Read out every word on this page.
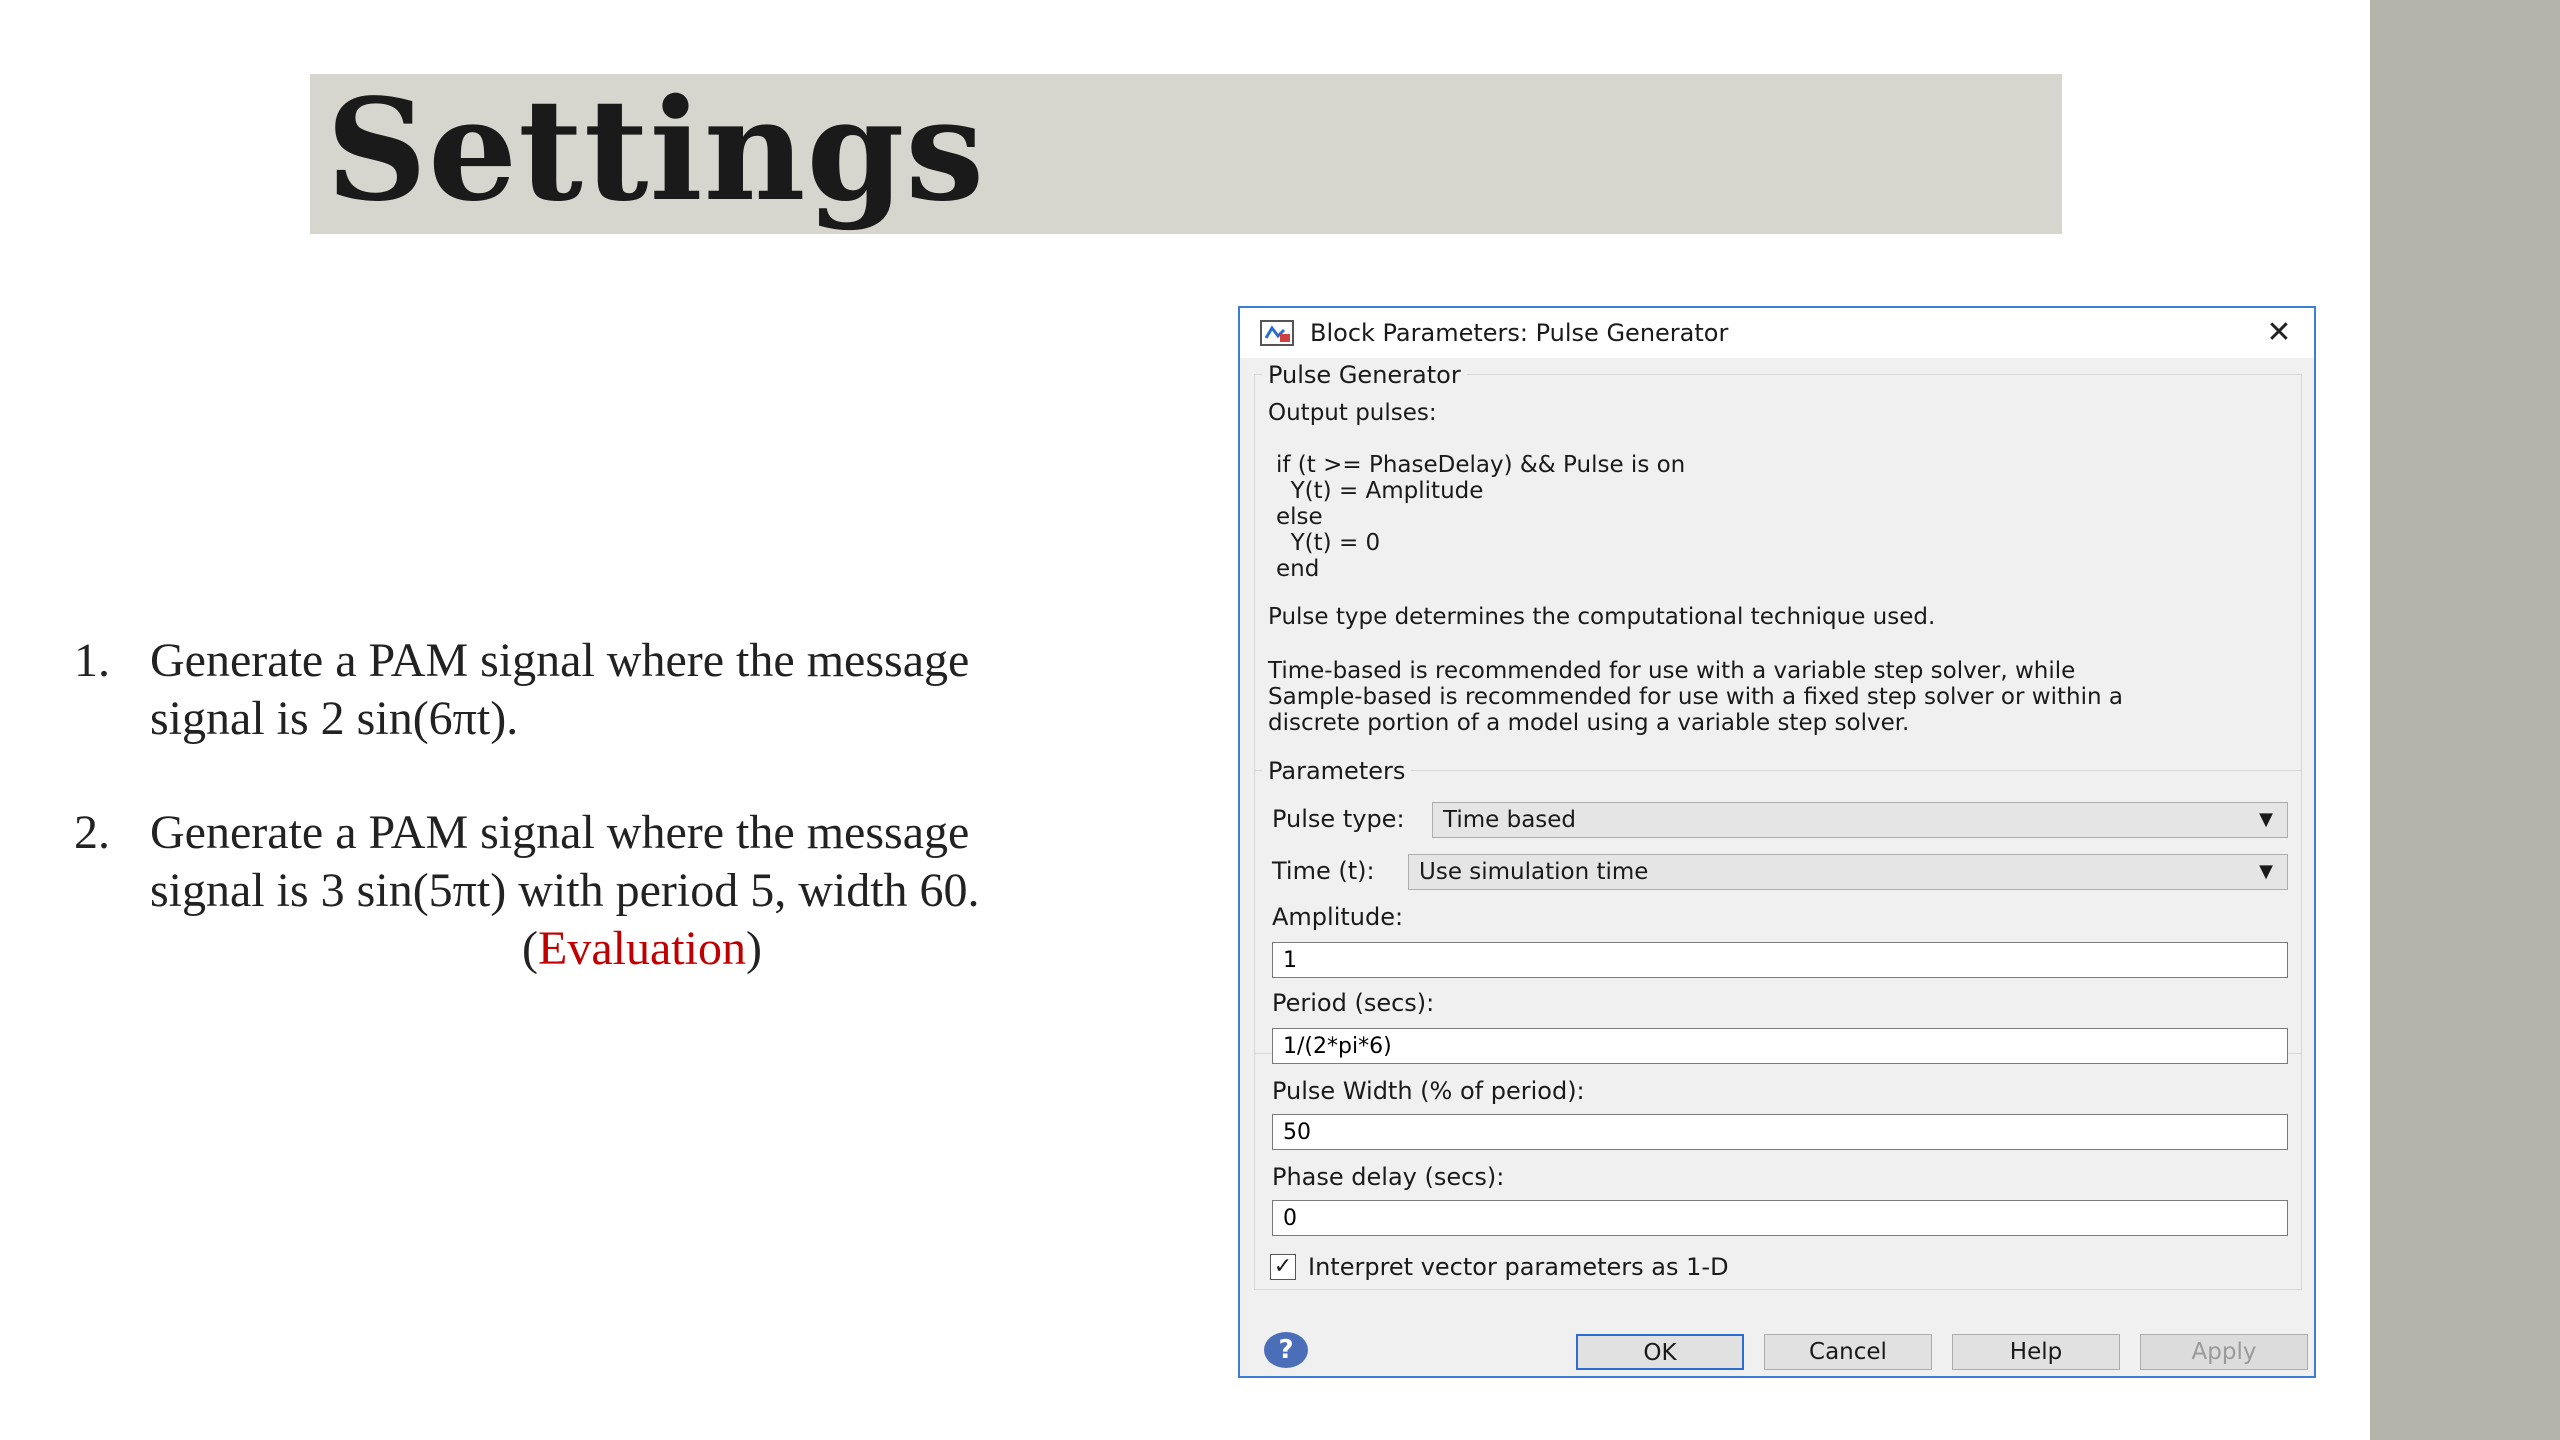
Settings
1. Generate a PAM signal where the message
signal is 2 sin(6πt).
2. Generate a PAM signal where the message
signal is 3 sin(5πt) with period 5, width 60.
(Evaluation)
Block Parameters: Pulse Generator	✕
Pulse Generator
Output pulses:
if (t >= PhaseDelay) && Pulse is on
Y(t) = Amplitude
else
Y(t) = 0
end
Pulse type determines the computational technique used.
Time-based is recommended for use with a variable step solver, while
Sample-based is recommended for use with a fixed step solver or within a
discrete portion of a model using a variable step solver.
Parameters
Pulse type:	Time based	▼
Time (t):	Use simulation time	▼
Amplitude:
1
Period (secs):
1/(2*pi*6)
Pulse Width (% of period):
50
Phase delay (secs):
0
✓ Interpret vector parameters as 1-D
?	OK	Cancel	Help	Apply
